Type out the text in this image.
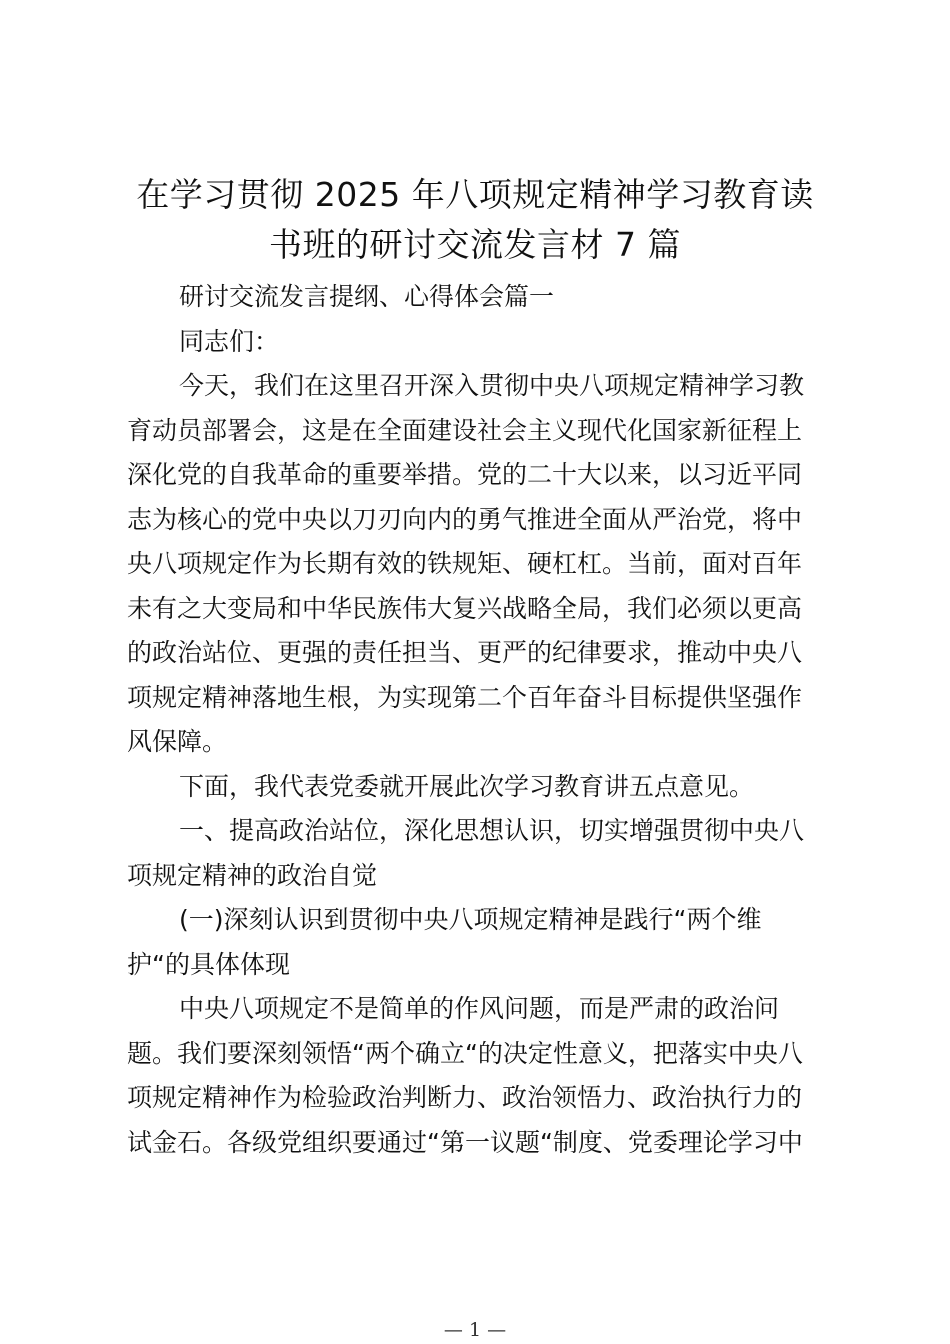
在学习贯彻 2025 年八项规定精神学习教育读
书班的研讨交流发言材 7 篇

研讨交流发言提纲、心得体会篇一

同志们：

今天，我们在这里召开深入贯彻中央八项规定精神学习教
育动员部署会，这是在全面建设社会主义现代化国家新征程上
深化党的自我革命的重要举措。党的二十大以来，以习近平同
志为核心的党中央以刀刃向内的勇气推进全面从严治党，将中
央八项规定作为长期有效的铁规矩、硬杠杠。当前，面对百年
未有之大变局和中华民族伟大复兴战略全局，我们必须以更高
的政治站位、更强的责任担当、更严的纪律要求，推动中央八
项规定精神落地生根，为实现第二个百年奋斗目标提供坚强作
风保障。

下面，我代表党委就开展此次学习教育讲五点意见。

一、提高政治站位，深化思想认识，切实增强贯彻中央八
项规定精神的政治自觉

(一)深刻认识到贯彻中央八项规定精神是践行“两个维
护“的具体体现

中央八项规定不是简单的作风问题，而是严肃的政治问
题。我们要深刻领悟“两个确立“的决定性意义，把落实中央八
项规定精神作为检验政治判断力、政治领悟力、政治执行力的
试金石。各级党组织要通过“第一议题“制度、党委理论学习中

— 1 —
